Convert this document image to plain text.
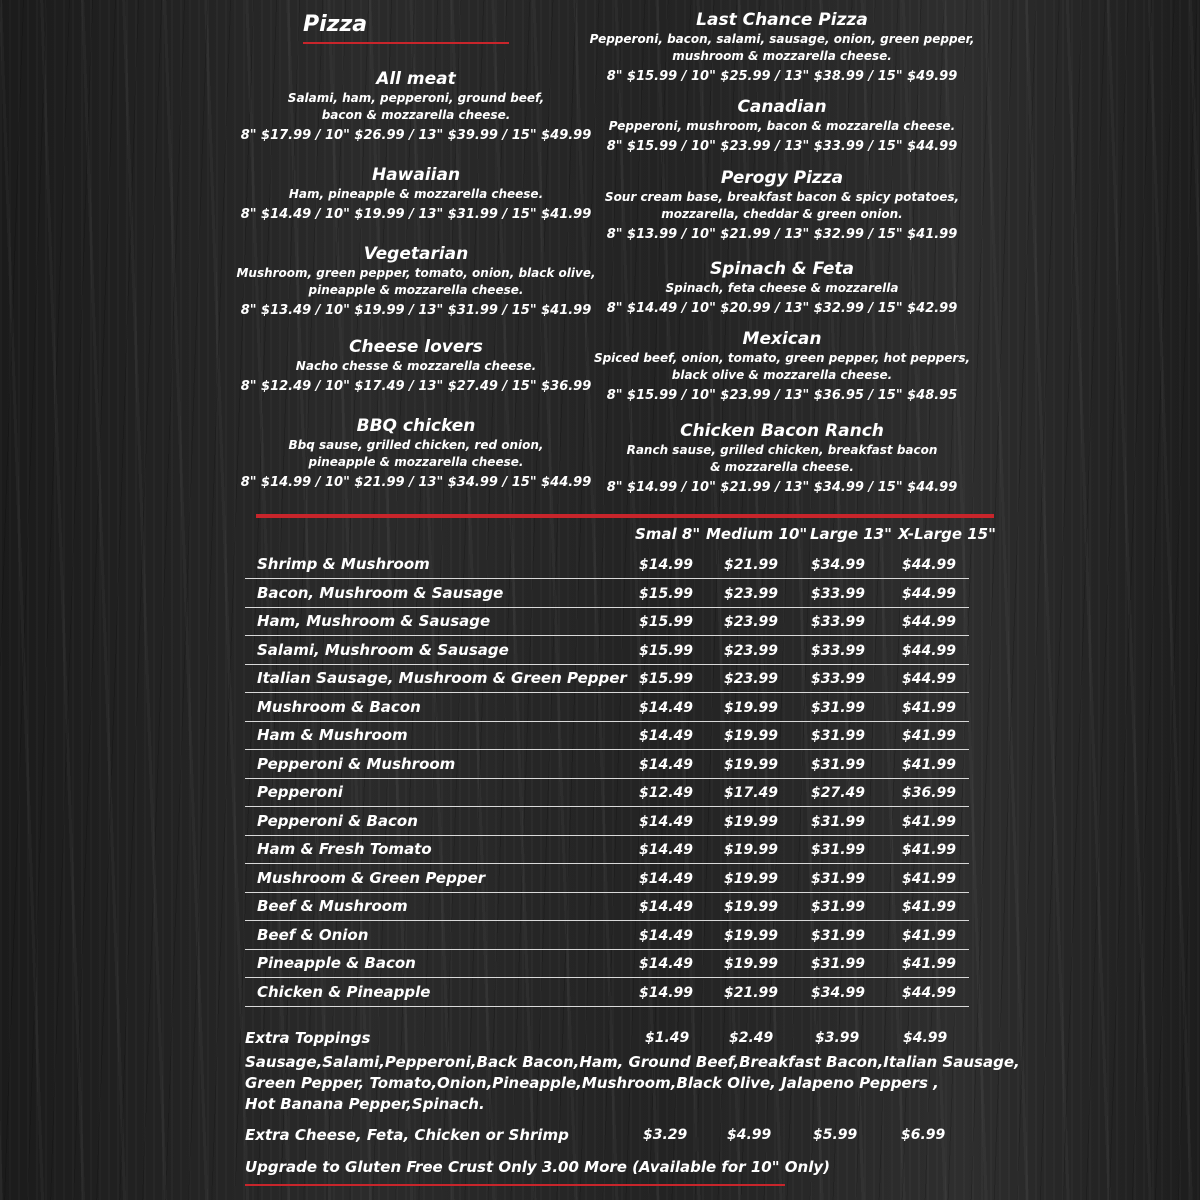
Pizza
All meat
Salami, ham, pepperoni, ground beef,
bacon & mozzarella cheese.
8" $17.99 / 10" $26.99 / 13" $39.99 / 15" $49.99
Hawaiian
Ham, pineapple & mozzarella cheese.
8" $14.49 / 10" $19.99 / 13" $31.99 / 15" $41.99
Vegetarian
Mushroom, green pepper, tomato, onion, black olive,
pineapple & mozzarella cheese.
8" $13.49 / 10" $19.99 / 13" $31.99 / 15" $41.99
Cheese lovers
Nacho chesse & mozzarella cheese.
8" $12.49 / 10" $17.49 / 13" $27.49 / 15" $36.99
BBQ chicken
Bbq sause, grilled chicken, red onion,
pineapple & mozzarella cheese.
8" $14.99 / 10" $21.99 / 13" $34.99 / 15" $44.99
Last Chance Pizza
Pepperoni, bacon, salami, sausage, onion, green pepper,
mushroom & mozzarella cheese.
8" $15.99 / 10" $25.99 / 13" $38.99 / 15" $49.99
Canadian
Pepperoni, mushroom, bacon & mozzarella cheese.
8" $15.99 / 10" $23.99 / 13" $33.99 / 15" $44.99
Perogy Pizza
Sour cream base, breakfast bacon & spicy potatoes,
mozzarella, cheddar & green onion.
8" $13.99 / 10" $21.99 / 13" $32.99 / 15" $41.99
Spinach & Feta
Spinach, feta cheese & mozzarella
8" $14.49 / 10" $20.99 / 13" $32.99 / 15" $42.99
Mexican
Spiced beef, onion, tomato, green pepper, hot peppers,
black olive & mozzarella cheese.
8" $15.99 / 10" $23.99 / 13" $36.95 / 15" $48.95
Chicken Bacon Ranch
Ranch sause, grilled chicken, breakfast bacon
& mozzarella cheese.
8" $14.99 / 10" $21.99 / 13" $34.99 / 15" $44.99
Smal 8" Medium 10" Large 13" X-Large 15"
Shrimp & Mushroom	$14.99 $21.99 $34.99	$44.99
Bacon, Mushroom & Sausage	$15.99 $23.99 $33.99	$44.99
Ham, Mushroom & Sausage	$15.99 $23.99 $33.99	$44.99
Salami, Mushroom & Sausage	$15.99 $23.99 $33.99	$44.99
Italian Sausage, Mushroom & Green Pepper $15.99 $23.99 $33.99	$44.99
Mushroom & Bacon	$14.49 $19.99 $31.99	$41.99
Ham & Mushroom	$14.49 $19.99 $31.99	$41.99
Pepperoni & Mushroom	$14.49 $19.99 $31.99	$41.99
Pepperoni	$12.49 $17.49 $27.49	$36.99
Pepperoni & Bacon	$14.49 $19.99 $31.99	$41.99
Ham & Fresh Tomato	$14.49 $19.99 $31.99	$41.99
Mushroom & Green Pepper	$14.49 $19.99 $31.99	$41.99
Beef & Mushroom	$14.49 $19.99 $31.99	$41.99
Beef & Onion	$14.49 $19.99 $31.99	$41.99
Pineapple & Bacon	$14.49 $19.99 $31.99	$41.99
Chicken & Pineapple	$14.99 $21.99 $34.99	$44.99
Extra Toppings	$1.49	$2.49	$3.99	$4.99
Sausage,Salami,Pepperoni,Back Bacon,Ham, Ground Beef,Breakfast Bacon,Italian Sausage,
Green Pepper, Tomato,Onion,Pineapple,Mushroom,Black Olive, Jalapeno Peppers ,
Hot Banana Pepper,Spinach.
Extra Cheese, Feta, Chicken or Shrimp	$3.29	$4.99	$5.99	$6.99
Upgrade to Gluten Free Crust Only 3.00 More (Available for 10" Only)
